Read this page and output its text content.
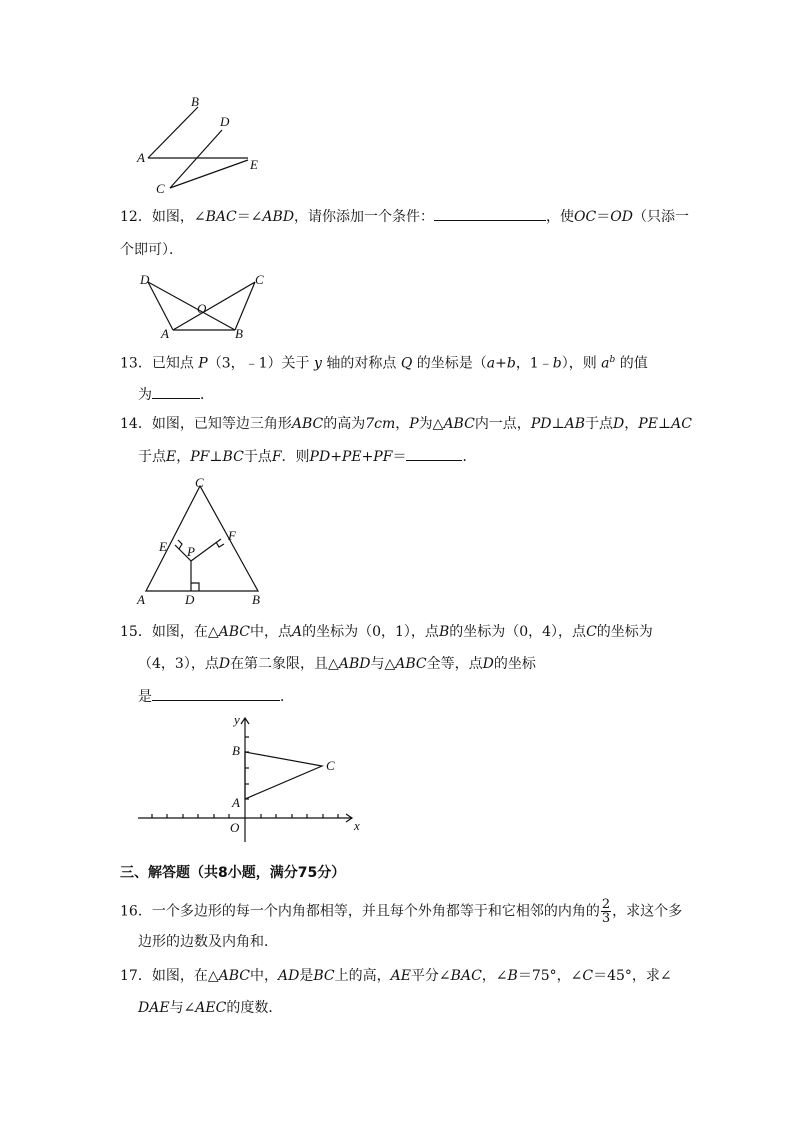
B
D
A	E
C
12．如图，∠BAC＝∠ABD，请你添加一个条件：	，使OC＝OD（只添一
个即可）．
D	C
O
A	B
13．已知点 P（3，﹣1）关于 y 轴的对称点 Q 的坐标是（a+b，1﹣b），则 $a^b$ 的值
为	．
14．如图，已知等边三角形ABC的高为7cm，P为△ABC内一点，PD⊥AB于点D，PE⊥AC
于点E，PF⊥BC于点F．则PD+PE+PF＝	．
C
E P
F
A	D	B
15．如图，在△ABC中，点A的坐标为（0，1），点B的坐标为（0，4），点C的坐标为
（4，3），点D在第二象限，且△ABD与△ABC全等，点D的坐标
是	．
y
B
C
A
O	x
三、解答题（共8小题，满分75分）
16．一个多边形的每一个内角都相等，并且每个外角都等于和它相邻的内角的 $\frac{2}{3}$ ，求这个多
边形的边数及内角和．
17．如图，在△ABC中，AD是BC上的高，AE平分∠BAC，∠B＝75°，∠C＝45°，求∠
DAE与∠AEC的度数．
